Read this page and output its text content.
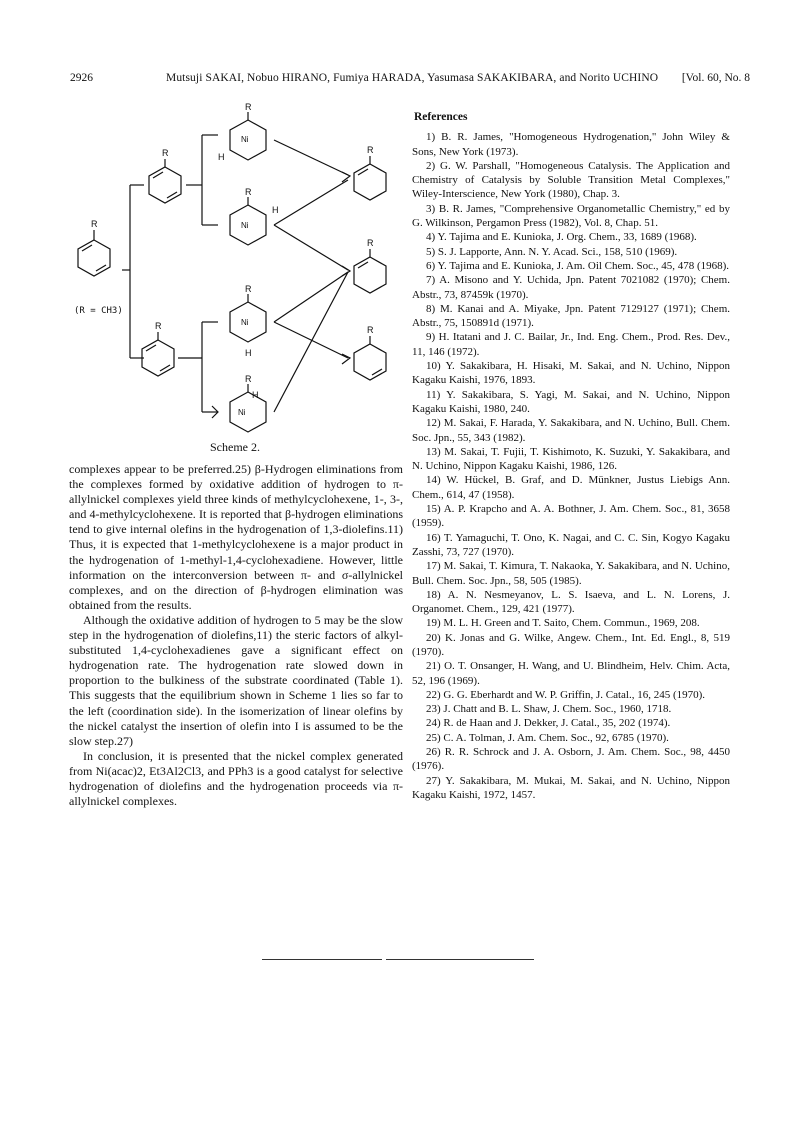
2926	Mutsuji SAKAI, Nobuo HIRANO, Fumiya HARADA, Yasumasa SAKAKIBARA, and Norito UCHINO [Vol. 60, No. 8
R
(R = CH3)
R
R
R
Ni
H
R
Ni
H
R
Ni
H
R
Ni
H
R
R
R
Scheme 2.

complexes appear to be preferred.25) β-Hydrogen eliminations from the complexes formed by oxidative addition of hydrogen to π-allylnickel complexes yield three kinds of methylcyclohexene, 1-, 3-, and 4-methylcyclohexene. It is reported that β-hydrogen eliminations tend to give internal olefins in the hydrogenation of 1,3-diolefins.11) Thus, it is expected that 1-methylcyclohexene is a major product in the hydrogenation of 1-methyl-1,4-cyclohexadiene. However, little information on the interconversion between π- and σ-allylnickel complexes, and on the direction of β-hydrogen elimination was obtained from the results.

Although the oxidative addition of hydrogen to 5 may be the slow step in the hydrogenation of diolefins,11) the steric factors of alkyl-substituted 1,4-cyclohexadienes gave a significant effect on hydrogenation rate. The hydrogenation rate slowed down in proportion to the bulkiness of the substrate coordinated (Table 1). This suggests that the equilibrium shown in Scheme 1 lies so far to the left (coordination side). In the isomerization of linear olefins by the nickel catalyst the insertion of olefin into I is assumed to be the slow step.27)

In conclusion, it is presented that the nickel complex generated from Ni(acac)2, Et3Al2Cl3, and PPh3 is a good catalyst for selective hydrogenation of diolefins and the hydrogenation proceeds via π-allylnickel complexes.

References

1) B. R. James, "Homogeneous Hydrogenation," John Wiley & Sons, New York (1973).

2) G. W. Parshall, "Homogeneous Catalysis. The Application and Chemistry of Catalysis by Soluble Transition Metal Complexes," Wiley-Interscience, New York (1980), Chap. 3.

3) B. R. James, "Comprehensive Organometallic Chemistry," ed by G. Wilkinson, Pergamon Press (1982), Vol. 8, Chap. 51.

4) Y. Tajima and E. Kunioka, J. Org. Chem., 33, 1689 (1968).

5) S. J. Lapporte, Ann. N. Y. Acad. Sci., 158, 510 (1969).

6) Y. Tajima and E. Kunioka, J. Am. Oil Chem. Soc., 45, 478 (1968).

7) A. Misono and Y. Uchida, Jpn. Patent 7021082 (1970); Chem. Abstr., 73, 87459k (1970).

8) M. Kanai and A. Miyake, Jpn. Patent 7129127 (1971); Chem. Abstr., 75, 150891d (1971).

9) H. Itatani and J. C. Bailar, Jr., Ind. Eng. Chem., Prod. Res. Dev., 11, 146 (1972).

10) Y. Sakakibara, H. Hisaki, M. Sakai, and N. Uchino, Nippon Kagaku Kaishi, 1976, 1893.

11) Y. Sakakibara, S. Yagi, M. Sakai, and N. Uchino, Nippon Kagaku Kaishi, 1980, 240.

12) M. Sakai, F. Harada, Y. Sakakibara, and N. Uchino, Bull. Chem. Soc. Jpn., 55, 343 (1982).

13) M. Sakai, T. Fujii, T. Kishimoto, K. Suzuki, Y. Sakakibara, and N. Uchino, Nippon Kagaku Kaishi, 1986, 126.

14) W. Hückel, B. Graf, and D. Münkner, Justus Liebigs Ann. Chem., 614, 47 (1958).

15) A. P. Krapcho and A. A. Bothner, J. Am. Chem. Soc., 81, 3658 (1959).

16) T. Yamaguchi, T. Ono, K. Nagai, and C. C. Sin, Kogyo Kagaku Zasshi, 73, 727 (1970).

17) M. Sakai, T. Kimura, T. Nakaoka, Y. Sakakibara, and N. Uchino, Bull. Chem. Soc. Jpn., 58, 505 (1985).

18) A. N. Nesmeyanov, L. S. Isaeva, and L. N. Lorens, J. Organomet. Chem., 129, 421 (1977).

19) M. L. H. Green and T. Saito, Chem. Commun., 1969, 208.

20) K. Jonas and G. Wilke, Angew. Chem., Int. Ed. Engl., 8, 519 (1970).

21) O. T. Onsanger, H. Wang, and U. Blindheim, Helv. Chim. Acta, 52, 196 (1969).

22) G. G. Eberhardt and W. P. Griffin, J. Catal., 16, 245 (1970).

23) J. Chatt and B. L. Shaw, J. Chem. Soc., 1960, 1718.

24) R. de Haan and J. Dekker, J. Catal., 35, 202 (1974).

25) C. A. Tolman, J. Am. Chem. Soc., 92, 6785 (1970).

26) R. R. Schrock and J. A. Osborn, J. Am. Chem. Soc., 98, 4450 (1976).

27) Y. Sakakibara, M. Mukai, M. Sakai, and N. Uchino, Nippon Kagaku Kaishi, 1972, 1457.
